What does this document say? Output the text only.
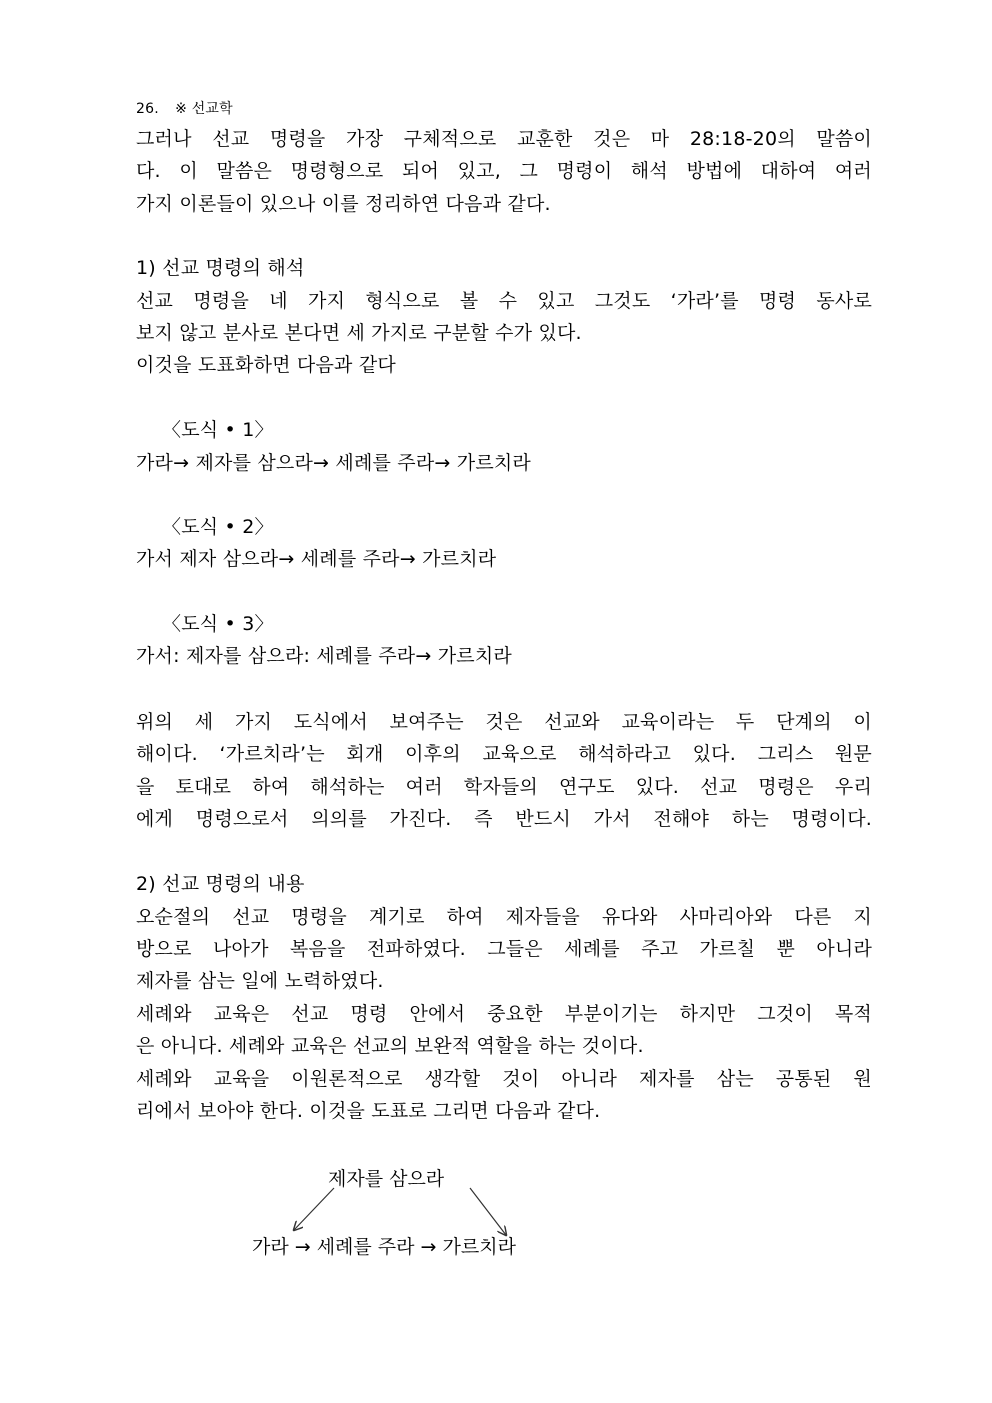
26. ※ 선교학
그러나 선교 명령을 가장 구체적으로 교훈한 것은 마 28:18-20의 말씀이
다. 이 말씀은 명령형으로 되어 있고, 그 명령이 해석 방법에 대하여 여러
가지 이론들이 있으나 이를 정리하연 다음과 같다.
1) 선교 명령의 해석
선교 명령을 네 가지 형식으로 볼 수 있고 그것도 ‘가라’를 명령 동사로
보지 않고 분사로 본다면 세 가지로 구분할 수가 있다.
이것을 도표화하면 다음과 같다
〈도식 • 1〉
가라→ 제자를 삼으라→ 세례를 주라→ 가르치라
〈도식 • 2〉
가서 제자 삼으라→ 세례를 주라→ 가르치라
〈도식 • 3〉
가서: 제자를 삼으라: 세례를 주라→ 가르치라
위의 세 가지 도식에서 보여주는 것은 선교와 교육이라는 두 단계의 이
해이다. ‘가르치라’는 회개 이후의 교육으로 해석하라고 있다. 그리스 원문
을 토대로 하여 해석하는 여러 학자들의 연구도 있다. 선교 명령은 우리
에게 명령으로서 의의를 가진다. 즉 반드시 가서 전해야 하는 명령이다.
2) 선교 명령의 내용
오순절의 선교 명령을 계기로 하여 제자들을 유다와 사마리아와 다른 지
방으로 나아가 복음을 전파하였다. 그들은 세례를 주고 가르칠 뿐 아니라
제자를 삼는 일에 노력하였다.
세례와 교육은 선교 명령 안에서 중요한 부분이기는 하지만 그것이 목적
은 아니다. 세례와 교육은 선교의 보완적 역할을 하는 것이다.
세례와 교육을 이원론적으로 생각할 것이 아니라 제자를 삼는 공통된 원
리에서 보아야 한다. 이것을 도표로 그리면 다음과 같다.
제자를 삼으라
가라 → 세례를 주라 → 가르치라
